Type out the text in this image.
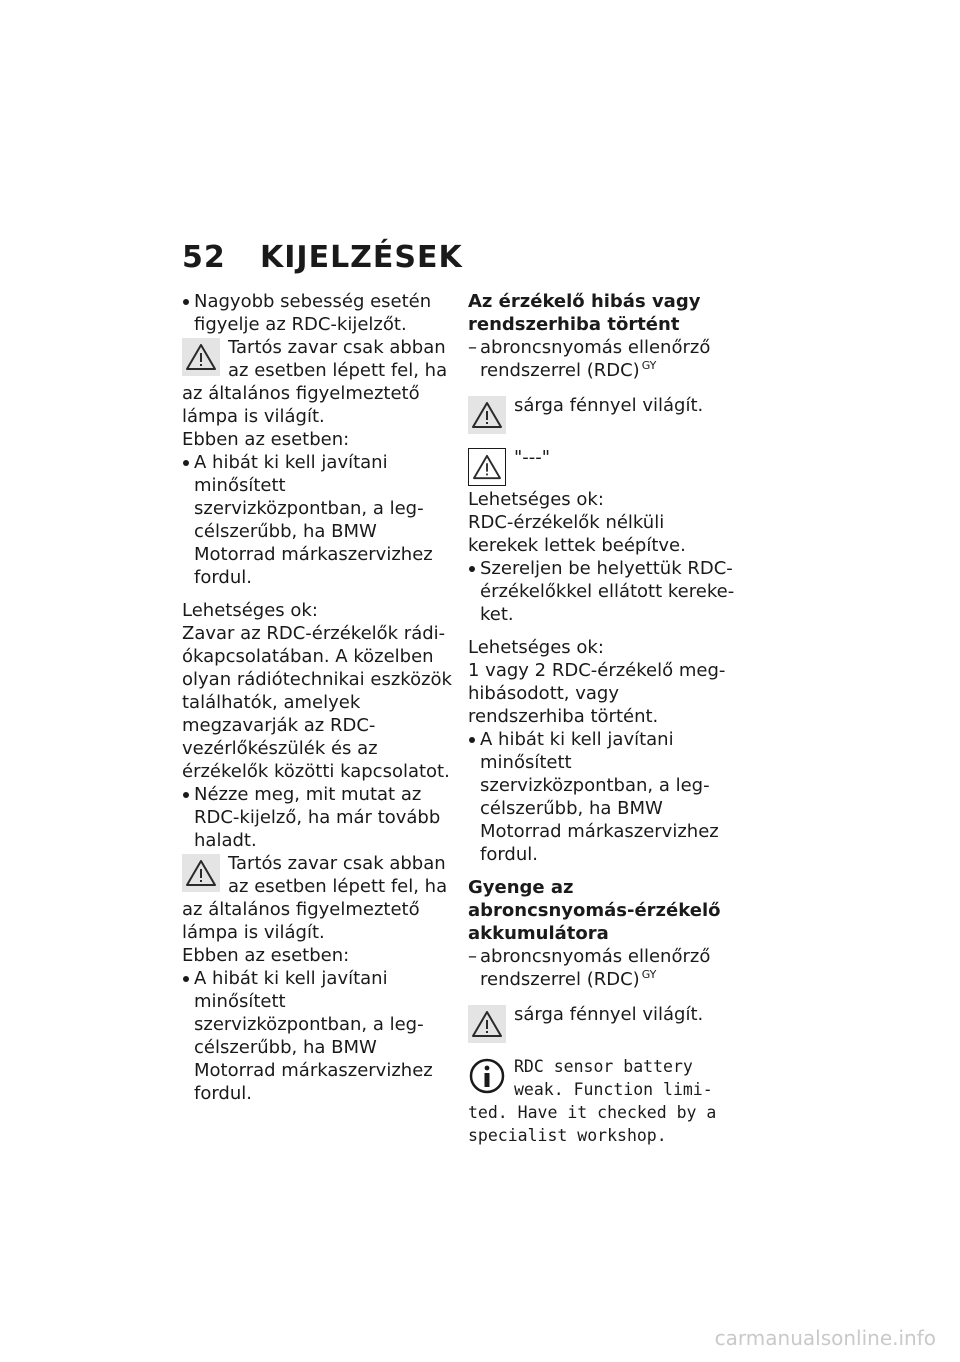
52 KIJELZÉSEK

Nagyobb sebesség esetén figyelje az RDC-kijelzőt.

Tartós zavar csak abban az esetben lépett fel, ha az általános figyelmeztető lámpa is világít.

Ebben az esetben:

A hibát ki kell javítani minősített szervizközpontban, a legcélszerűbb, ha BMW Motorrad márkaszervizhez fordul.

Lehetséges ok:

Zavar az RDC-érzékelők rádiókapcsolatában. A közelben olyan rádiótechnikai eszközök találhatók, amelyek megzavarják az RDC-vezérlőkészülék és az érzékelők közötti kapcsolatot.

Nézze meg, mit mutat az RDC-kijelző, ha már tovább haladt.

Tartós zavar csak abban az esetben lépett fel, ha az általános figyelmeztető lámpa is világít.

Ebben az esetben:

A hibát ki kell javítani minősített szervizközpontban, a legcélszerűbb, ha BMW Motorrad márkaszervizhez fordul.

Az érzékelő hibás vagy rendszerhiba történt

– abroncsnyomás ellenőrző rendszerrel (RDC) $^{GY}$

sárga fénnyel világít.

"---"

Lehetséges ok:

RDC-érzékelők nélküli kerekek lettek beépítve.

Szereljen be helyettük RDC-érzékelőkkel ellátott kerekeket.

Lehetséges ok:

1 vagy 2 RDC-érzékelő meghibásodott, vagy rendszerhiba történt.

A hibát ki kell javítani minősített szervizközpontban, a legcélszerűbb, ha BMW Motorrad márkaszervizhez fordul.

Gyenge az abroncsnyomás-érzékelő akkumulátora

– abroncsnyomás ellenőrző rendszerrel (RDC) $^{GY}$

sárga fénnyel világít.

RDC sensor battery weak. Function limited. Have it checked by a specialist workshop.

carmanualsonline.info
